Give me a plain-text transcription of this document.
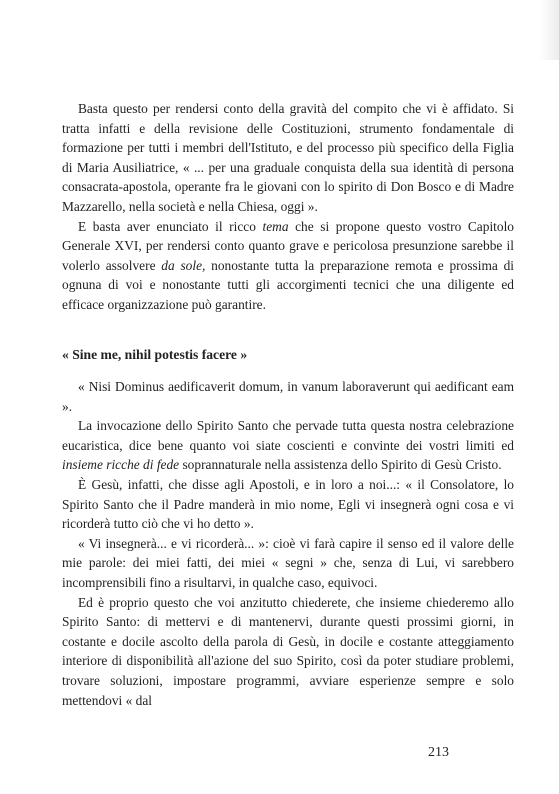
Basta questo per rendersi conto della gravità del compito che vi è affidato. Si tratta infatti e della revisione delle Costituzioni, strumento fondamentale di formazione per tutti i membri dell'Istituto, e del processo più specifico della Figlia di Maria Ausiliatrice, « ... per una graduale conquista della sua identità di persona consacrata-apostola, operante fra le giovani con lo spirito di Don Bosco e di Madre Mazzarello, nella società e nella Chiesa, oggi ».

E basta aver enunciato il ricco tema che si propone questo vostro Capitolo Generale XVI, per rendersi conto quanto grave e pericolosa presunzione sarebbe il volerlo assolvere da sole, nonostante tutta la preparazione remota e prossima di ognuna di voi e nonostante tutti gli accorgimenti tecnici che una diligente ed efficace organizzazione può garantire.

« Sine me, nihil potestis facere »

« Nisi Dominus aedificaverit domum, in vanum laboraverunt qui aedificant eam ».

La invocazione dello Spirito Santo che pervade tutta questa nostra celebrazione eucaristica, dice bene quanto voi siate coscienti e convinte dei vostri limiti ed insieme ricche di fede soprannaturale nella assistenza dello Spirito di Gesù Cristo.

È Gesù, infatti, che disse agli Apostoli, e in loro a noi...: « il Consolatore, lo Spirito Santo che il Padre manderà in mio nome, Egli vi insegnerà ogni cosa e vi ricorderà tutto ciò che vi ho detto ».

« Vi insegnerà... e vi ricorderà... »: cioè vi farà capire il senso ed il valore delle mie parole: dei miei fatti, dei miei « segni » che, senza di Lui, vi sarebbero incomprensibili fino a risultarvi, in qualche caso, equivoci.

Ed è proprio questo che voi anzitutto chiederete, che insieme chiederemo allo Spirito Santo: di mettervi e di mantenervi, durante questi prossimi giorni, in costante e docile ascolto della parola di Gesù, in docile e costante atteggiamento interiore di disponibilità all'azione del suo Spirito, così da poter studiare problemi, trovare soluzioni, impostare programmi, avviare esperienze sempre e solo mettendovi « dal

213
